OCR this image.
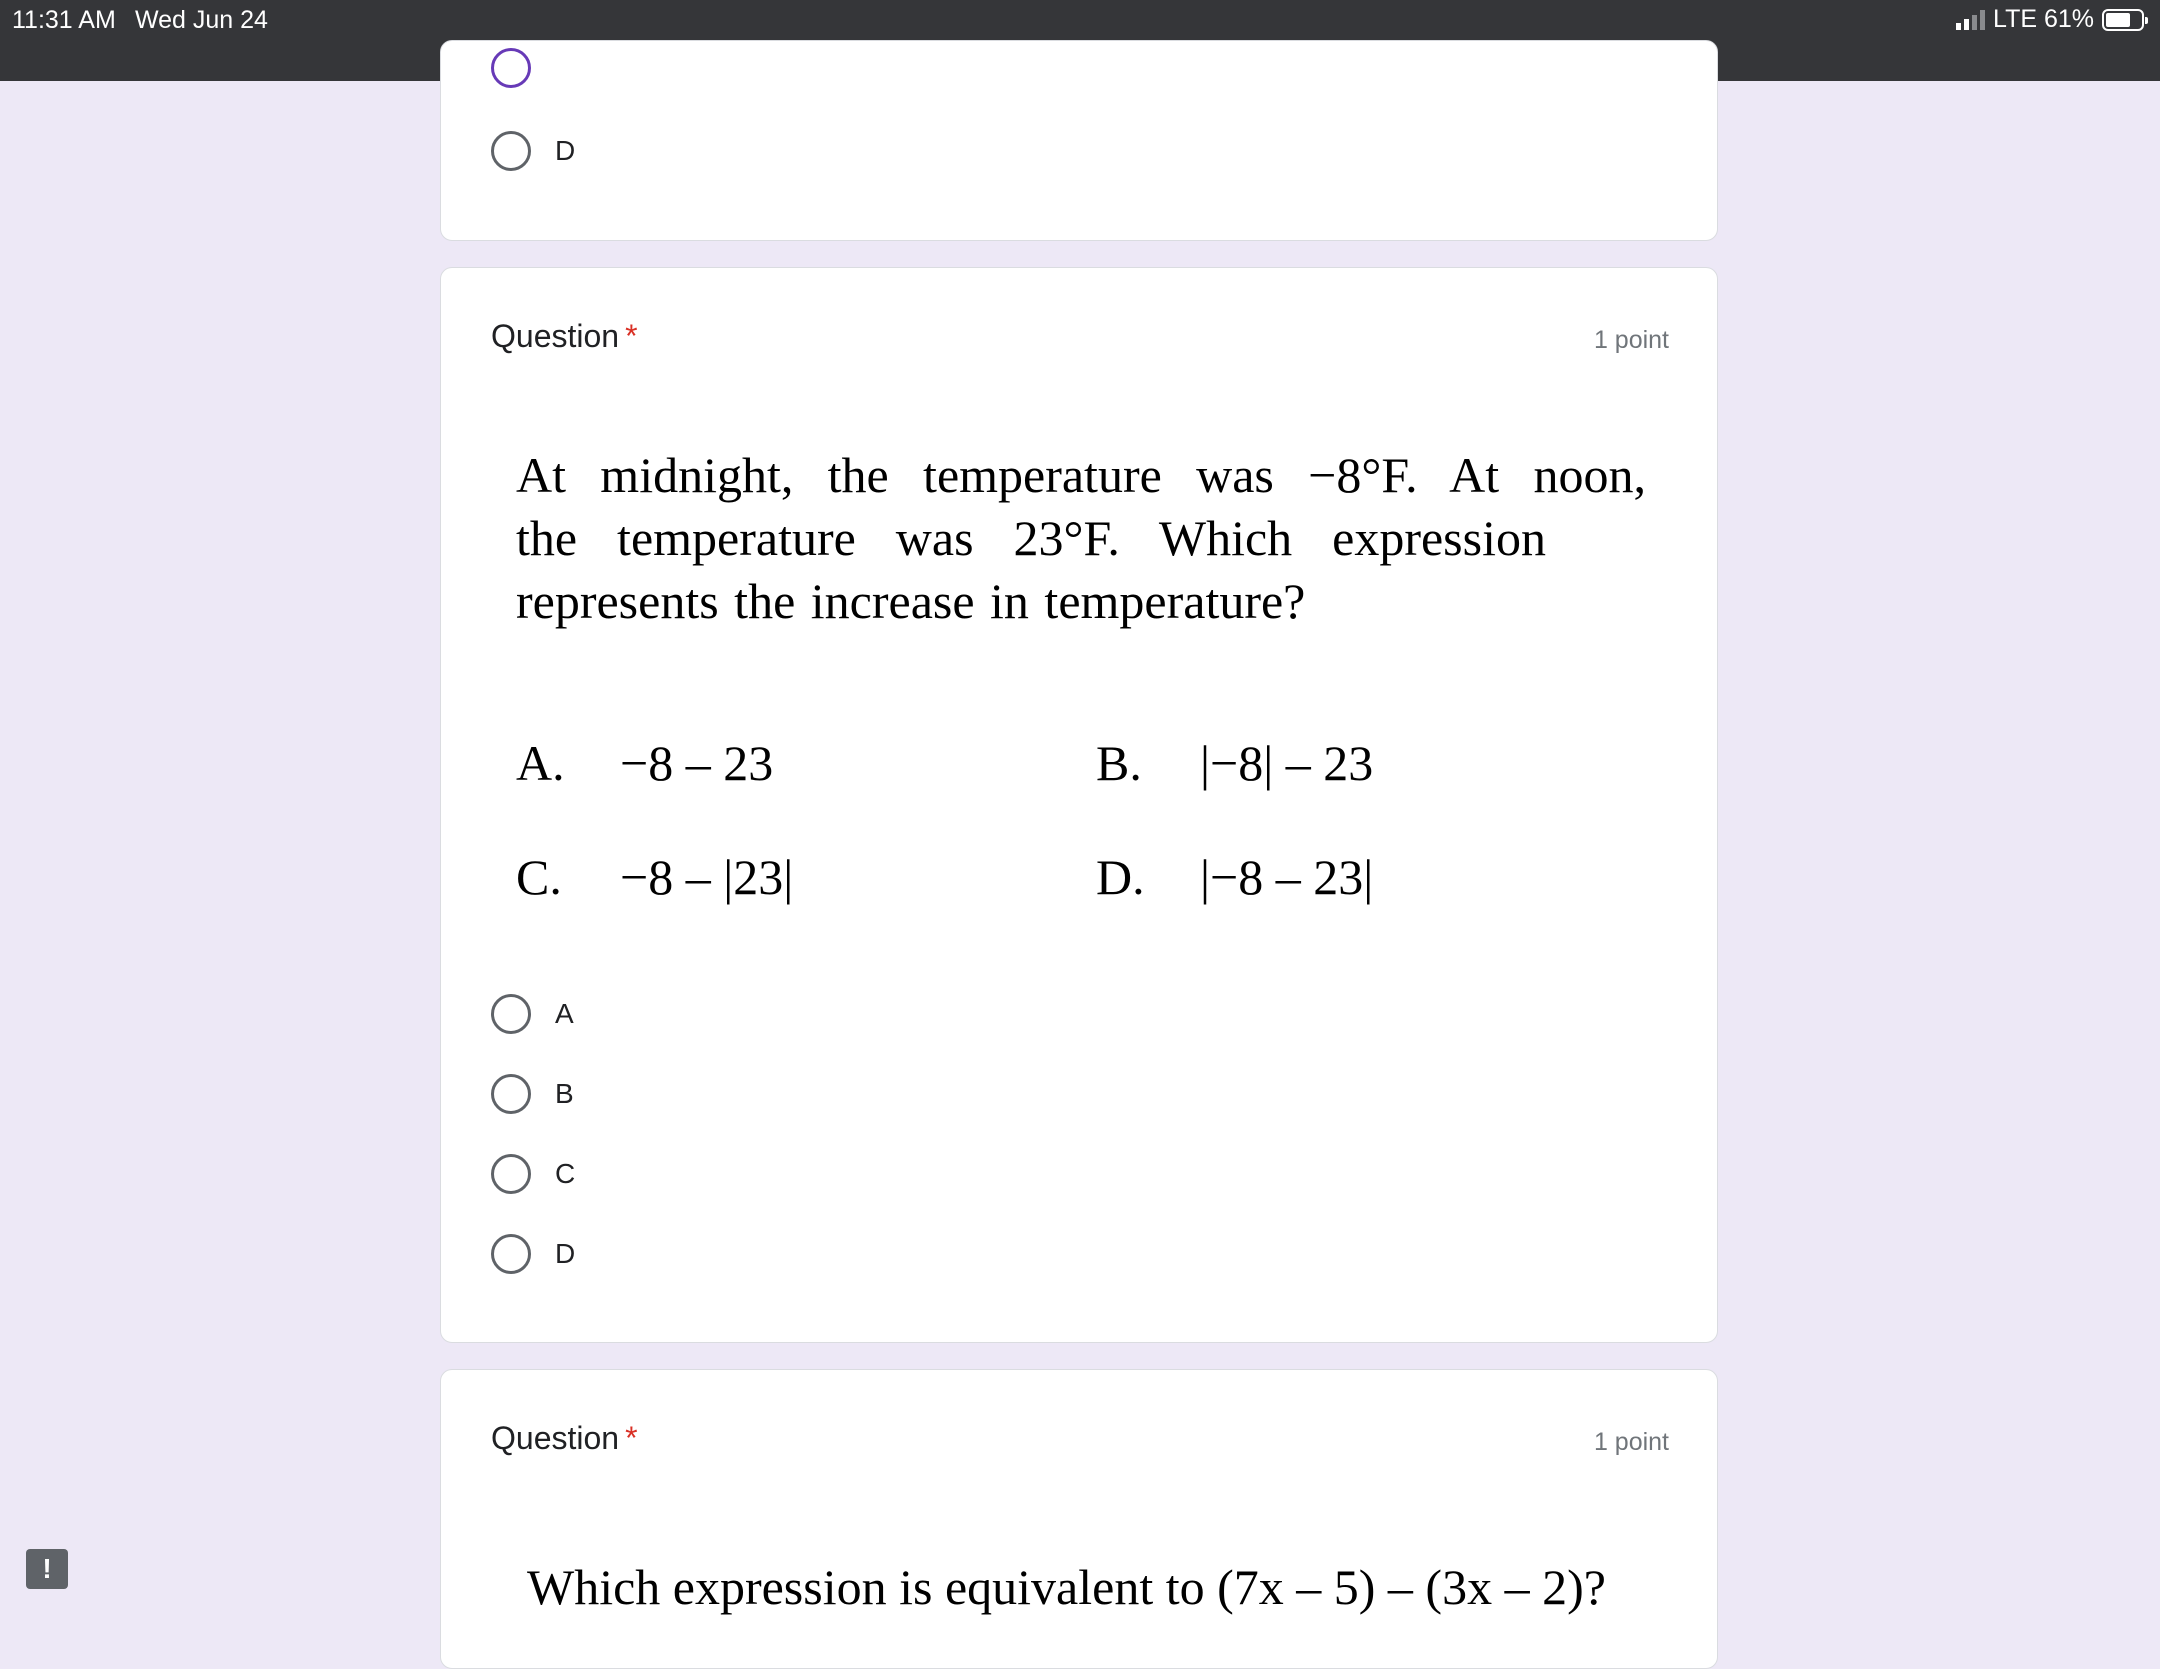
11:31 AM Wed Jun 24	LTE 61%
D
Question *	1 point
At midnight, the temperature was −8°F. At noon,
the temperature was 23°F. Which expression
represents the increase in temperature?
A. −8 – 23	B. |−8| – 23
C. −8 – |23|	D. |−8 – 23|
A
B
C
D
Question *	1 point
Which expression is equivalent to (7x – 5) – (3x – 2)?
!
